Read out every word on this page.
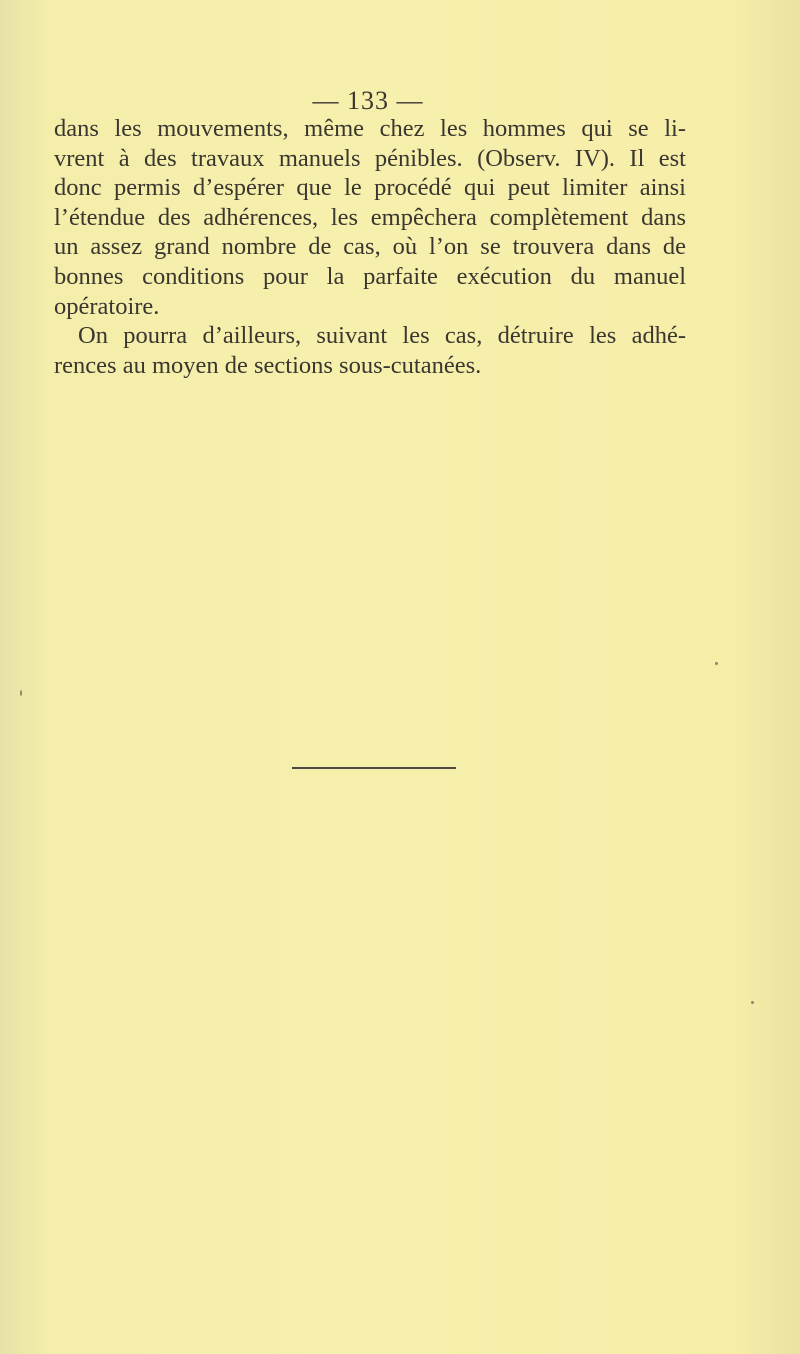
— 133 —
dans les mouvements, même chez les hommes qui se li-
vrent à des travaux manuels pénibles. (Observ. IV). Il est
donc permis d’espérer que le procédé qui peut limiter ainsi
l’étendue des adhérences, les empêchera complètement dans
un assez grand nombre de cas, où l’on se trouvera dans de
bonnes conditions pour la parfaite exécution du manuel
opératoire.
On pourra d’ailleurs, suivant les cas, détruire les adhé-
rences au moyen de sections sous-cutanées.
